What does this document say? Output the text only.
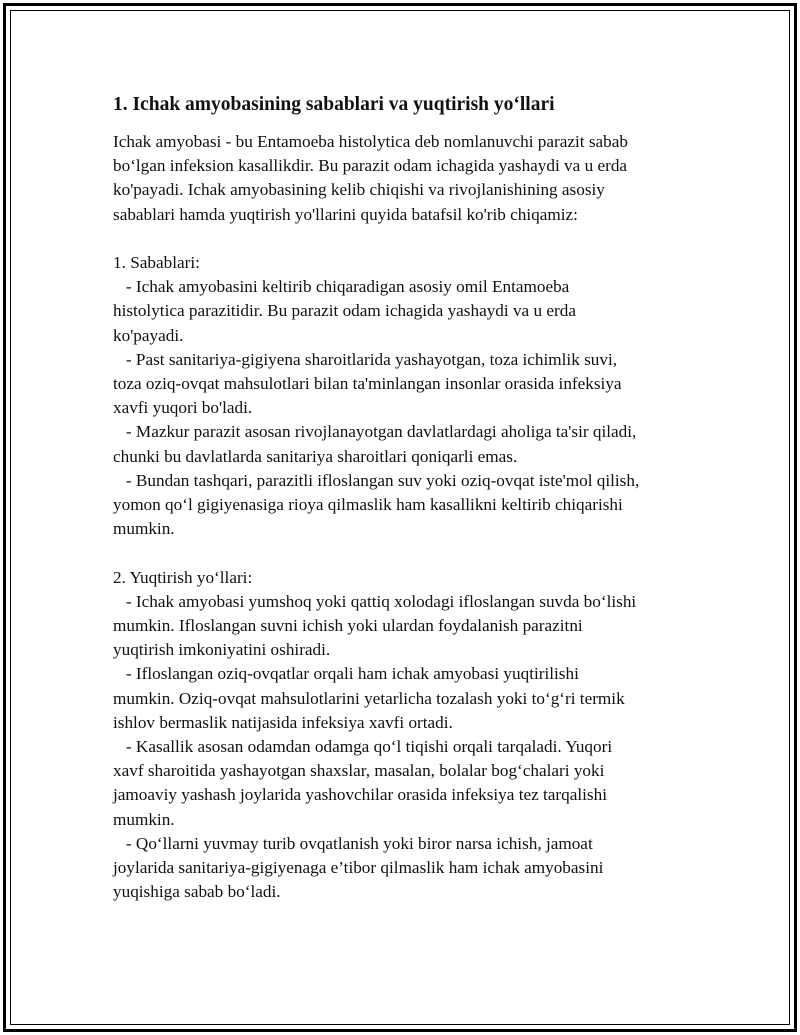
1. Ichak amyobasining sabablari va yuqtirish yo‘llari
Ichak amyobasi - bu Entamoeba histolytica deb nomlanuvchi parazit sabab
bo‘lgan infeksion kasallikdir. Bu parazit odam ichagida yashaydi va u erda
ko'payadi. Ichak amyobasining kelib chiqishi va rivojlanishining asosiy
sabablari hamda yuqtirish yo'llarini quyida batafsil ko'rib chiqamiz:
1. Sabablari:
- Ichak amyobasini keltirib chiqaradigan asosiy omil Entamoeba
histolytica parazitidir. Bu parazit odam ichagida yashaydi va u erda
ko'payadi.
- Past sanitariya-gigiyena sharoitlarida yashayotgan, toza ichimlik suvi,
toza oziq-ovqat mahsulotlari bilan ta'minlangan insonlar orasida infeksiya
xavfi yuqori bo'ladi.
- Mazkur parazit asosan rivojlanayotgan davlatlardagi aholiga ta'sir qiladi,
chunki bu davlatlarda sanitariya sharoitlari qoniqarli emas.
- Bundan tashqari, parazitli ifloslangan suv yoki oziq-ovqat iste'mol qilish,
yomon qo‘l gigiyenasiga rioya qilmaslik ham kasallikni keltirib chiqarishi
mumkin.
2. Yuqtirish yo‘llari:
- Ichak amyobasi yumshoq yoki qattiq xolodagi ifloslangan suvda bo‘lishi
mumkin. Ifloslangan suvni ichish yoki ulardan foydalanish parazitni
yuqtirish imkoniyatini oshiradi.
- Ifloslangan oziq-ovqatlar orqali ham ichak amyobasi yuqtirilishi
mumkin. Oziq-ovqat mahsulotlarini yetarlicha tozalash yoki to‘g‘ri termik
ishlov bermaslik natijasida infeksiya xavfi ortadi.
- Kasallik asosan odamdan odamga qo‘l tiqishi orqali tarqaladi. Yuqori
xavf sharoitida yashayotgan shaxslar, masalan, bolalar bog‘chalari yoki
jamoaviy yashash joylarida yashovchilar orasida infeksiya tez tarqalishi
mumkin.
- Qo‘llarni yuvmay turib ovqatlanish yoki biror narsa ichish, jamoat
joylarida sanitariya-gigiyenaga e’tibor qilmaslik ham ichak amyobasini
yuqishiga sabab bo‘ladi.
